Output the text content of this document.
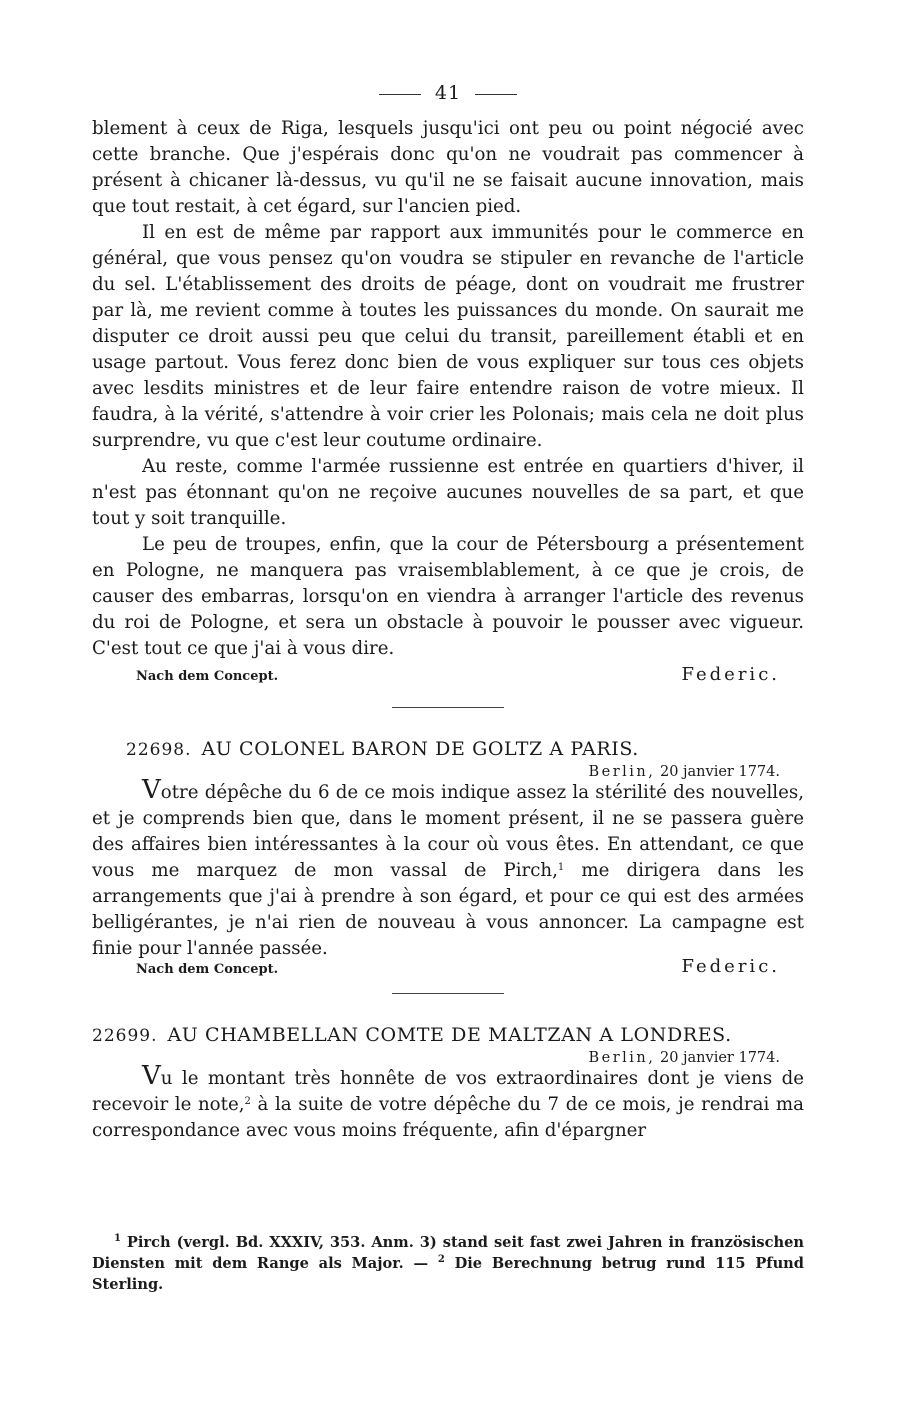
41

blement à ceux de Riga, lesquels jusqu'ici ont peu ou point négocié avec cette branche. Que j'espérais donc qu'on ne voudrait pas commencer à présent à chicaner là-dessus, vu qu'il ne se faisait aucune innovation, mais que tout restait, à cet égard, sur l'ancien pied.

Il en est de même par rapport aux immunités pour le commerce en général, que vous pensez qu'on voudra se stipuler en revanche de l'article du sel. L'établissement des droits de péage, dont on voudrait me frustrer par là, me revient comme à toutes les puissances du monde. On saurait me disputer ce droit aussi peu que celui du transit, pareillement établi et en usage partout. Vous ferez donc bien de vous expliquer sur tous ces objets avec lesdits ministres et de leur faire entendre raison de votre mieux. Il faudra, à la vérité, s'attendre à voir crier les Polonais; mais cela ne doit plus surprendre, vu que c'est leur coutume ordinaire.

Au reste, comme l'armée russienne est entrée en quartiers d'hiver, il n'est pas étonnant qu'on ne reçoive aucunes nouvelles de sa part, et que tout y soit tranquille.

Le peu de troupes, enfin, que la cour de Pétersbourg a présentement en Pologne, ne manquera pas vraisemblablement, à ce que je crois, de causer des embarras, lorsqu'on en viendra à arranger l'article des revenus du roi de Pologne, et sera un obstacle à pouvoir le pousser avec vigueur. C'est tout ce que j'ai à vous dire.

Nach dem Concept.	Federic.
22698. AU COLONEL BARON DE GOLTZ A PARIS.
Berlin, 20 janvier 1774.

Votre dépêche du 6 de ce mois indique assez la stérilité des nouvelles, et je comprends bien que, dans le moment présent, il ne se passera guère des affaires bien intéressantes à la cour où vous êtes. En attendant, ce que vous me marquez de mon vassal de Pirch,$^1$ me dirigera dans les arrangements que j'ai à prendre à son égard, et pour ce qui est des armées belligérantes, je n'ai rien de nouveau à vous annoncer. La campagne est finie pour l'année passée.

Nach dem Concept.	Federic.
22699. AU CHAMBELLAN COMTE DE MALTZAN A LONDRES.
Berlin, 20 janvier 1774.

Vu le montant très honnête de vos extraordinaires dont je viens de recevoir le note,$^2$ à la suite de votre dépêche du 7 de ce mois, je rendrai ma correspondance avec vous moins fréquente, afin d'épargner

$^1$ Pirch (vergl. Bd. XXXIV, 353. Anm. 3) stand seit fast zwei Jahren in französischen Diensten mit dem Range als Major. — $^2$ Die Berechnung betrug rund 115 Pfund Sterling.
